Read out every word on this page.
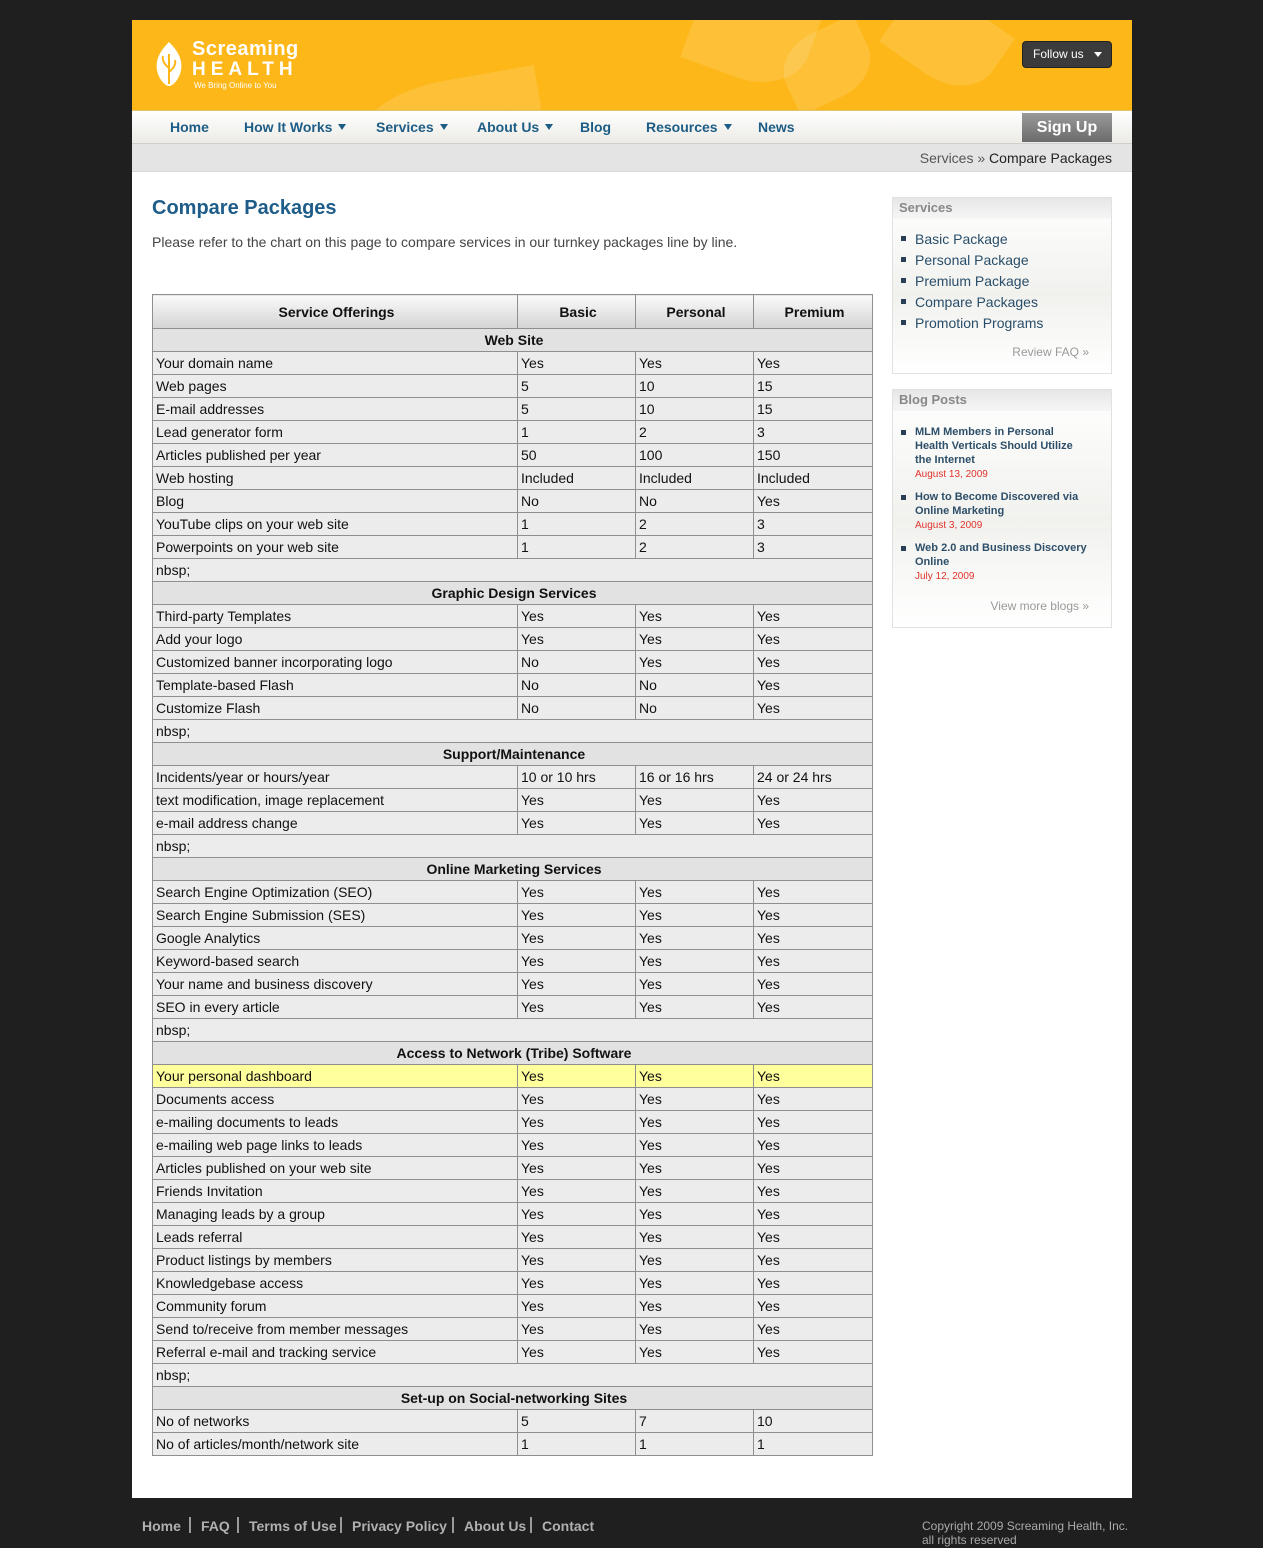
Screaming
HEALTH
We Bring Online to You
Follow us
Home	How It Works	Services	About Us	Blog Resources	News	Sign Up
Services » Compare Packages
Compare Packages
Please refer to the chart on this page to compare services in our turnkey packages line by line.
Service Offerings	Basic	Personal	Premium
Web Site			
Your domain name	Yes	Yes	Yes
Web pages	5	10	15
E-mail addresses	5	10	15
Lead generator form	1	2	3
Articles published per year	50	100	150
Web hosting	Included	Included	Included
Blog	No	No	Yes
YouTube clips on your web site	1	2	3
Powerpoints on your web site	1	2	3
nbsp;			
Graphic Design Services			
Third-party Templates	Yes	Yes	Yes
Add your logo	Yes	Yes	Yes
Customized banner incorporating logo	No	Yes	Yes
Template-based Flash	No	No	Yes
Customize Flash	No	No	Yes
nbsp;			
Support/Maintenance			
Incidents/year or hours/year	10 or 10 hrs	16 or 16 hrs	24 or 24 hrs
text modification, image replacement	Yes	Yes	Yes
e-mail address change	Yes	Yes	Yes
nbsp;			
Online Marketing Services			
Search Engine Optimization (SEO)	Yes	Yes	Yes
Search Engine Submission (SES)	Yes	Yes	Yes
Google Analytics	Yes	Yes	Yes
Keyword-based search	Yes	Yes	Yes
Your name and business discovery	Yes	Yes	Yes
SEO in every article	Yes	Yes	Yes
nbsp;			
Access to Network (Tribe) Software			
Your personal dashboard	Yes	Yes	Yes
Documents access	Yes	Yes	Yes
e-mailing documents to leads	Yes	Yes	Yes
e-mailing web page links to leads	Yes	Yes	Yes
Articles published on your web site	Yes	Yes	Yes
Friends Invitation	Yes	Yes	Yes
Managing leads by a group	Yes	Yes	Yes
Leads referral	Yes	Yes	Yes
Product listings by members	Yes	Yes	Yes
Knowledgebase access	Yes	Yes	Yes
Community forum	Yes	Yes	Yes
Send to/receive from member messages	Yes	Yes	Yes
Referral e-mail and tracking service	Yes	Yes	Yes
nbsp;			
Set-up on Social-networking Sites			
No of networks	5	7	10
No of articles/month/network site	1	1	1
Services
Basic Package
Personal Package
Premium Package
Compare Packages
Promotion Programs
Review FAQ »
Blog Posts
MLM Members in Personal Health Verticals Should Utilize the Internet
August 13, 2009
How to Become Discovered via Online Marketing
August 3, 2009
Web 2.0 and Business Discovery Online
July 12, 2009
View more blogs »
Home FAQ Terms of Use Privacy Policy About Us Contact	Copyright 2009 Screaming Health, Inc. all rights reserved
